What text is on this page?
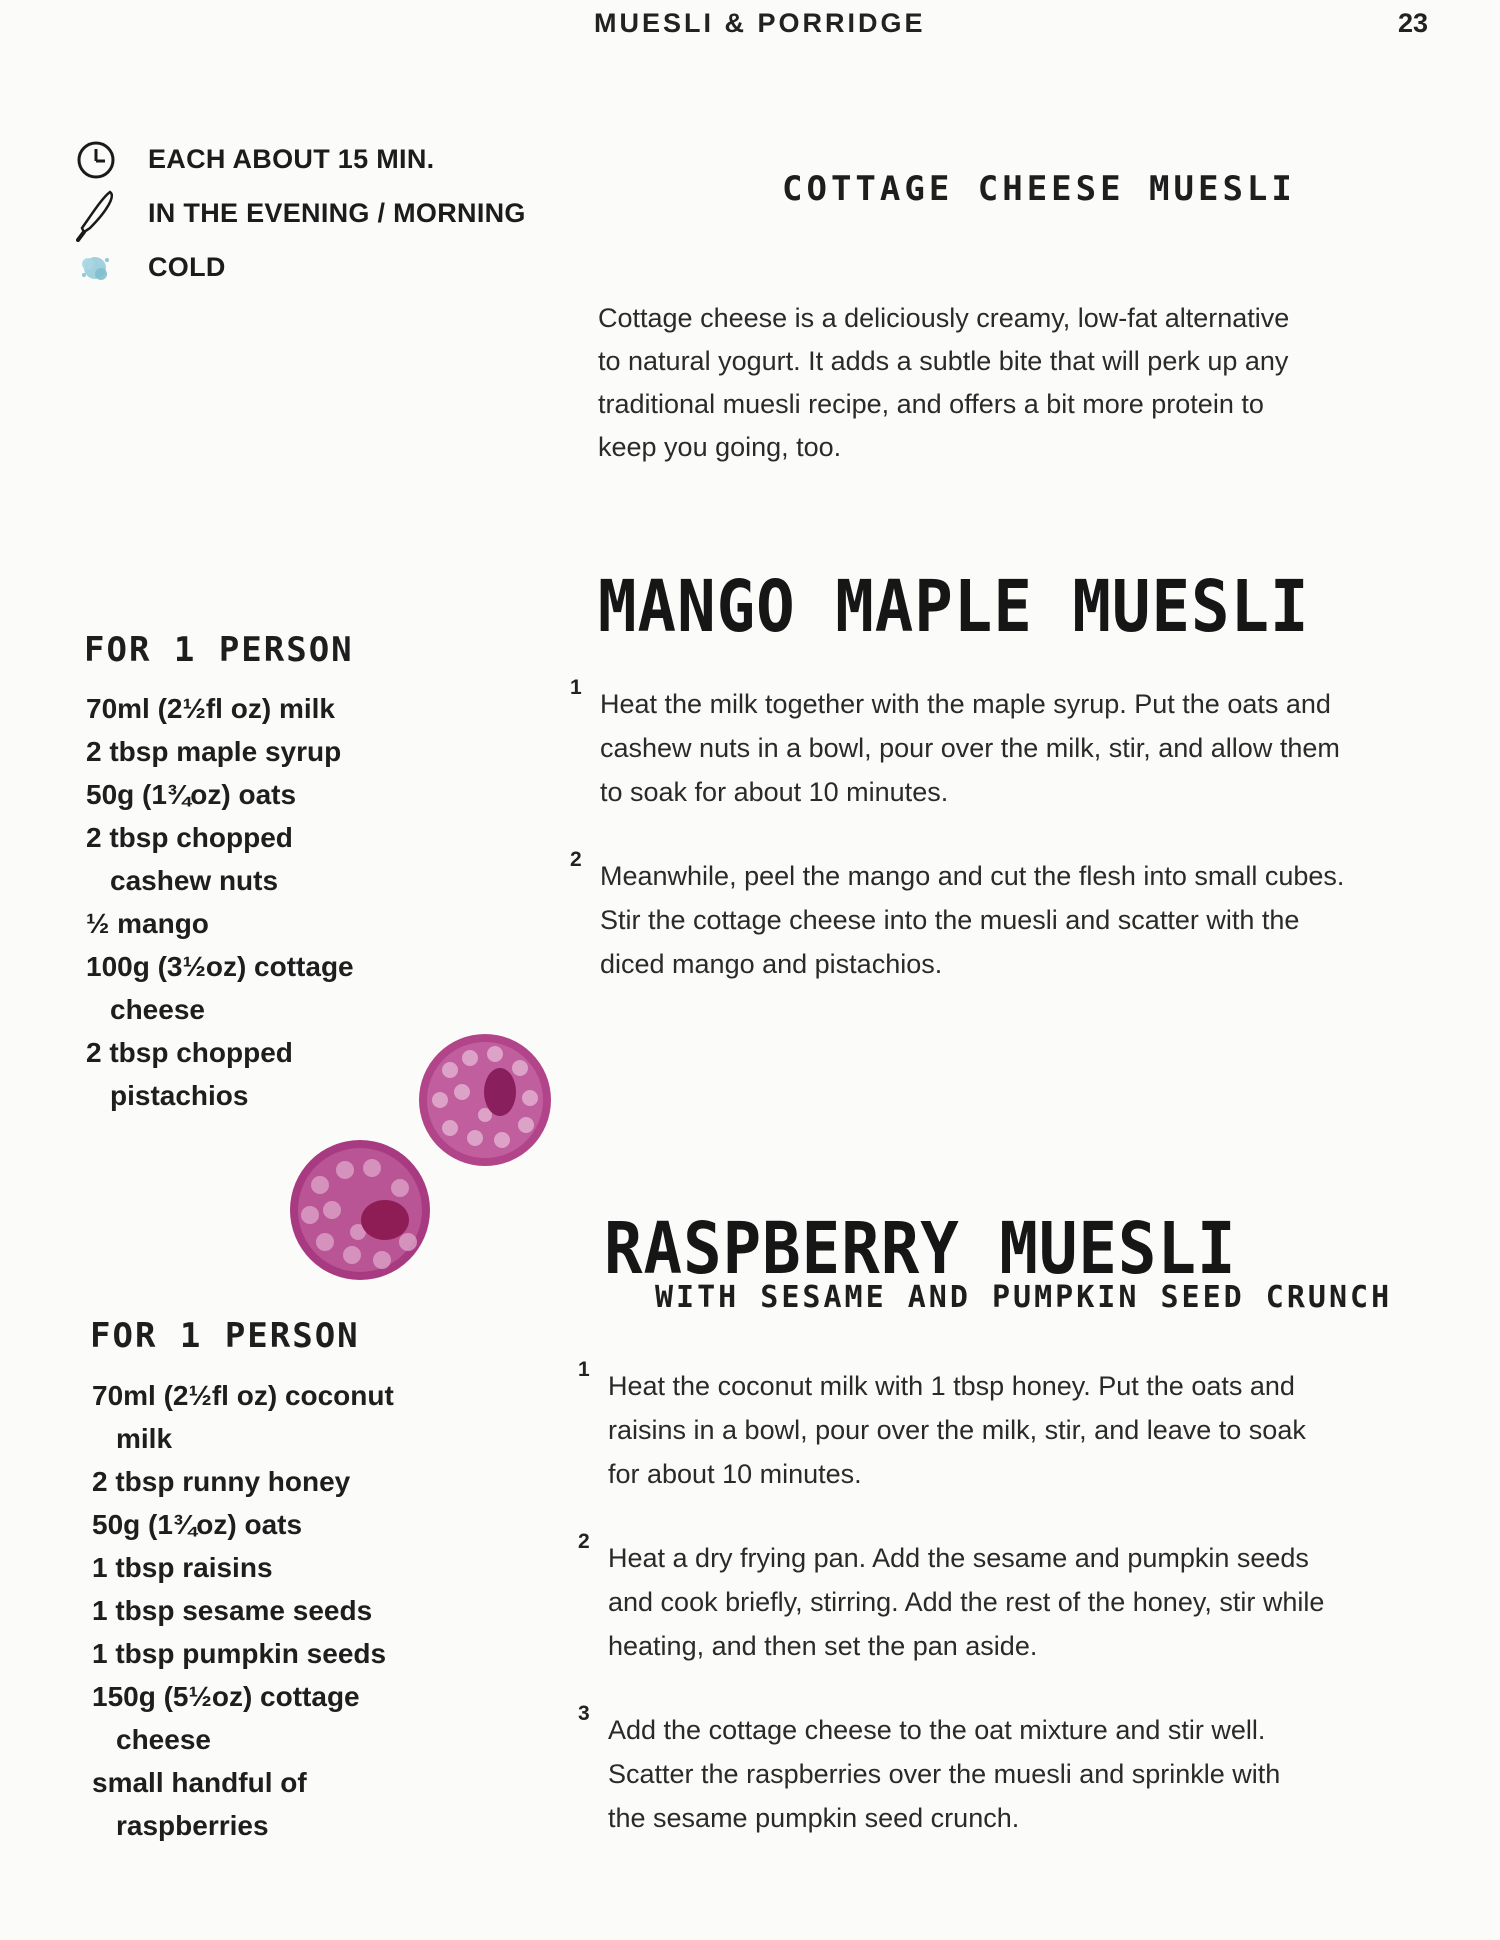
MUESLI & PORRIDGE	23
EACH ABOUT 15 MIN.
IN THE EVENING / MORNING
COLD
COTTAGE CHEESE MUESLI
Cottage cheese is a deliciously creamy, low-fat alternative
to natural yogurt. It adds a subtle bite that will perk up any
traditional muesli recipe, and offers a bit more protein to
keep you going, too.
MANGO MAPLE MUESLI
FOR 1 PERSON
70ml (2½fl oz) milk
2 tbsp maple syrup
50g (1¾oz) oats
2 tbsp chopped cashew nuts
½ mango
100g (3½oz) cottage cheese
2 tbsp chopped pistachios
1
Heat the milk together with the maple syrup. Put the oats and
cashew nuts in a bowl, pour over the milk, stir, and allow them
to soak for about 10 minutes.
2
Meanwhile, peel the mango and cut the flesh into small cubes.
Stir the cottage cheese into the muesli and scatter with the
diced mango and pistachios.
RASPBERRY MUESLI
WITH SESAME AND PUMPKIN SEED CRUNCH
FOR 1 PERSON
70ml (2½fl oz) coconut milk
2 tbsp runny honey
50g (1¾oz) oats
1 tbsp raisins
1 tbsp sesame seeds
1 tbsp pumpkin seeds
150g (5½oz) cottage cheese
small handful of raspberries
1
Heat the coconut milk with 1 tbsp honey. Put the oats and
raisins in a bowl, pour over the milk, stir, and leave to soak
for about 10 minutes.
2
Heat a dry frying pan. Add the sesame and pumpkin seeds
and cook briefly, stirring. Add the rest of the honey, stir while
heating, and then set the pan aside.
3
Add the cottage cheese to the oat mixture and stir well.
Scatter the raspberries over the muesli and sprinkle with
the sesame pumpkin seed crunch.
